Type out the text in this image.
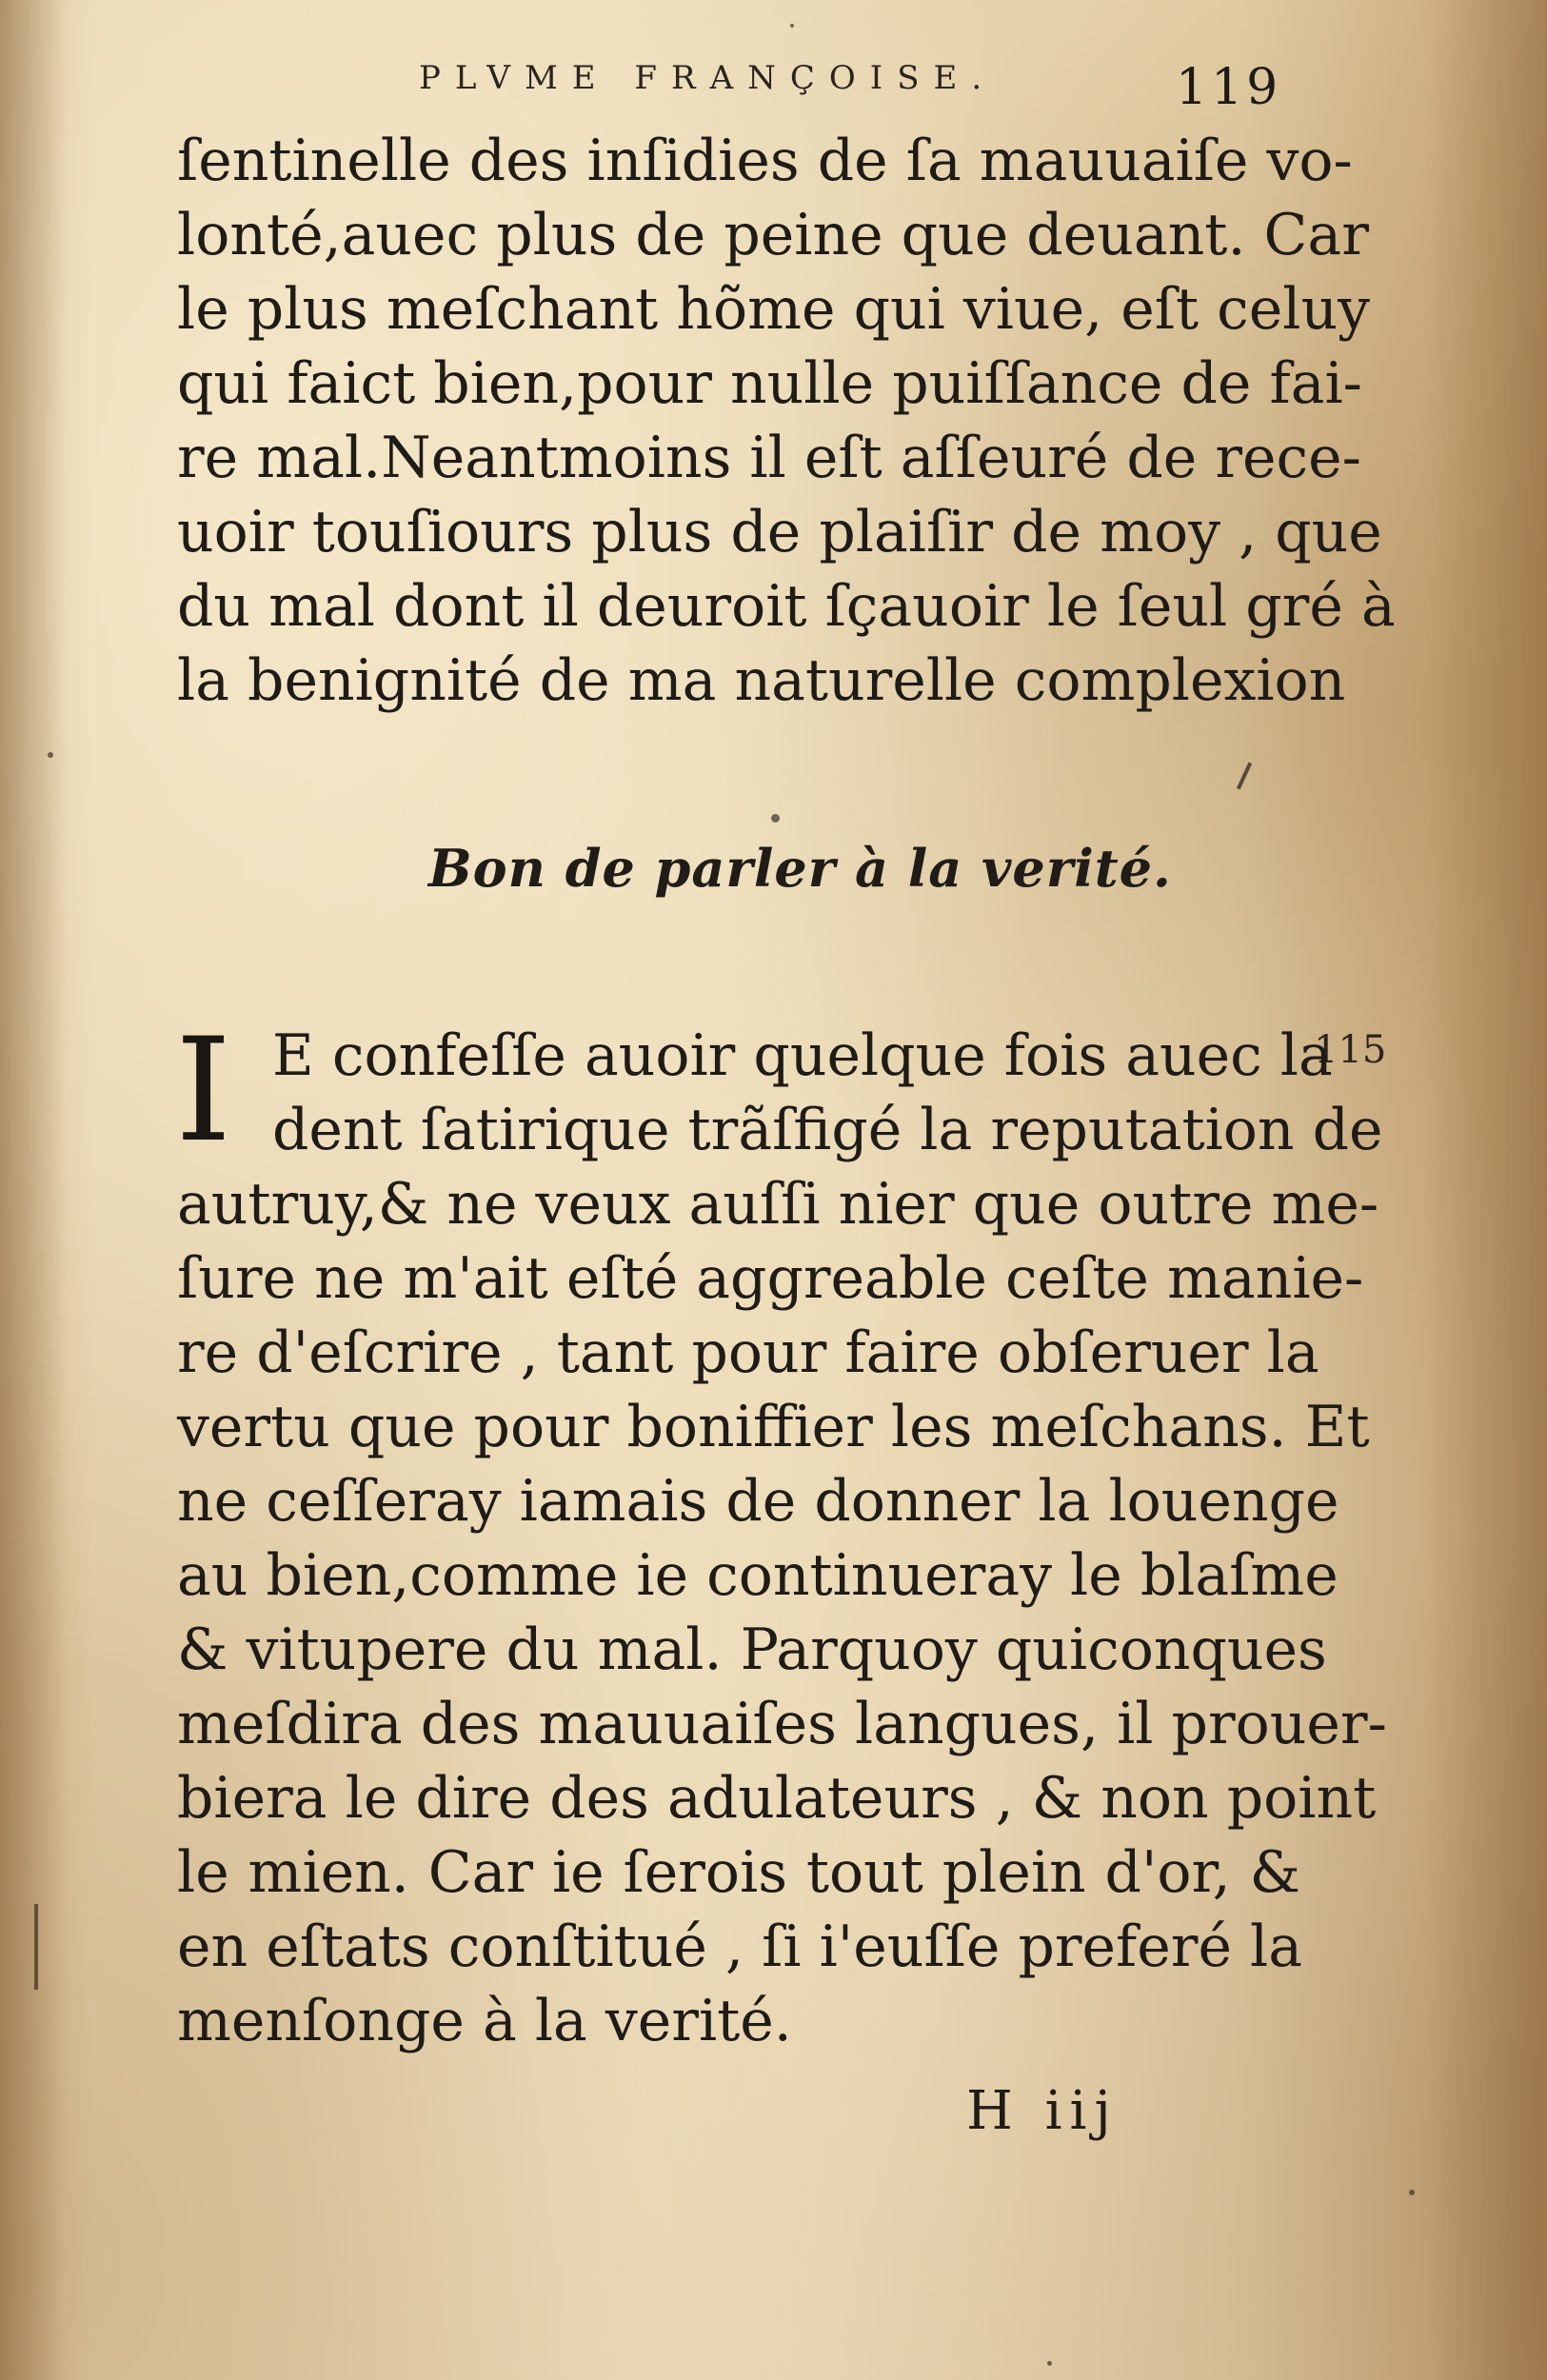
PLVME FRANÇOISE.	119
ſentinelle des inſidies de ſa mauuaiſe vo-
lonté,auec plus de peine que deuant. Car
le plus meſchant hõme qui viue, eſt celuy
qui faict bien,pour nulle puiſſance de fai-
re mal.Neantmoins il eſt aſſeuré de rece-
uoir touſiours plus de plaiſir de moy , que
du mal dont il deuroit ſçauoir le ſeul gré à
la benignité de ma naturelle complexion
Bon de parler à la verité.
115
I E confeſſe auoir quelque fois auec la
dent ſatirique trãſfigé la reputation de
autruy,& ne veux auſſi nier que outre me-
ſure ne m'ait eſté aggreable ceſte manie-
re d'eſcrire , tant pour faire obſeruer la
vertu que pour boniffier les meſchans. Et
ne ceſſeray iamais de donner la louenge
au bien,comme ie continueray le blaſme
& vitupere du mal. Parquoy quiconques
meſdira des mauuaiſes langues, il prouer-
biera le dire des adulateurs , & non point
le mien. Car ie ſerois tout plein d'or, &
en eſtats conſtitué , ſi i'euſſe preferé la
menſonge à la verité.
H iij
